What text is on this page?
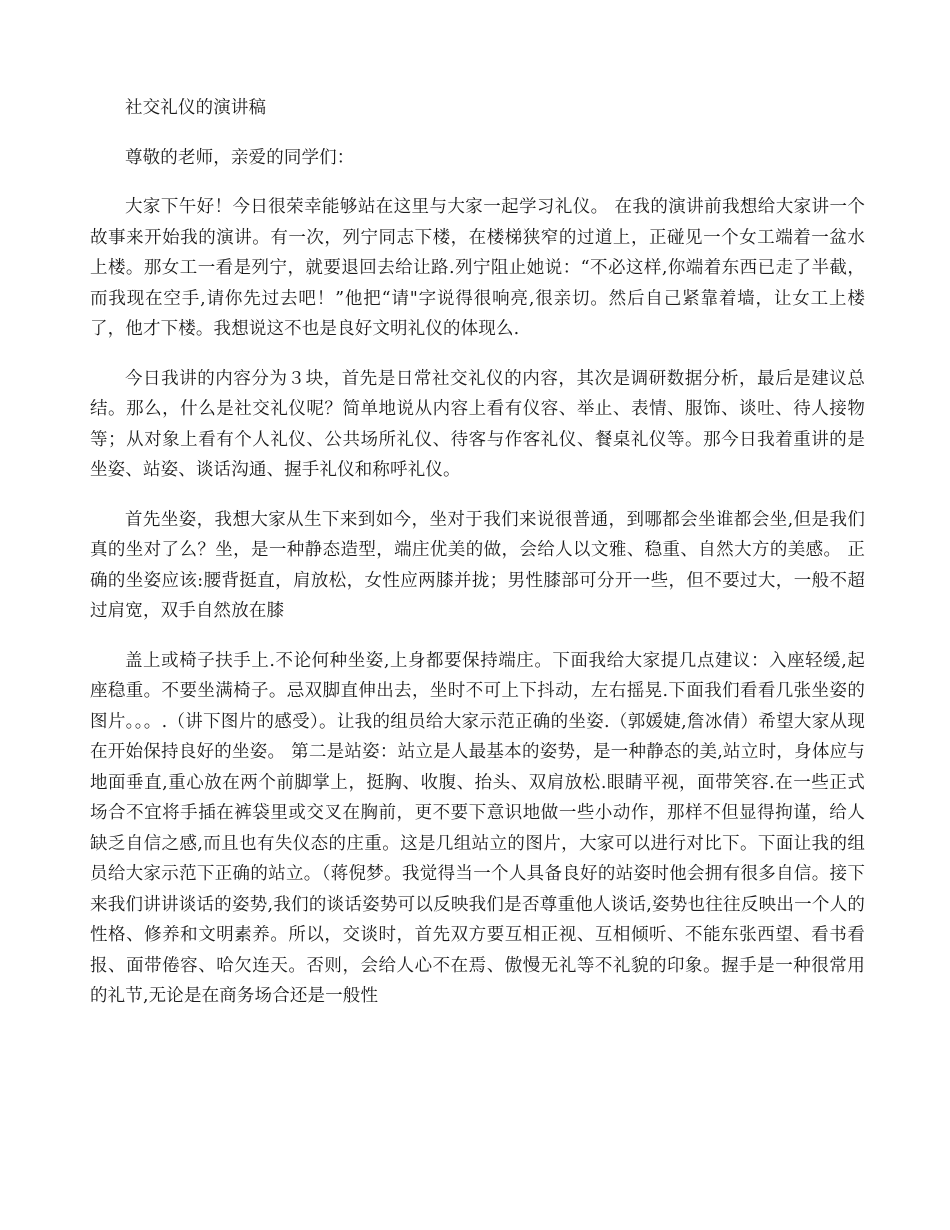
社交礼仪的演讲稿

尊敬的老师，亲爱的同学们：

大家下午好！今日很荣幸能够站在这里与大家一起学习礼仪。 在我的演讲前我想给大家讲一个故事来开始我的演讲。有一次，列宁同志下楼，在楼梯狭窄的过道上，正碰见一个女工端着一盆水上楼。那女工一看是列宁，就要退回去给让路.列宁阻止她说：“不必这样,你端着东西已走了半截，而我现在空手,请你先过去吧！”他把“请"字说得很响亮,很亲切。然后自己紧靠着墙，让女工上楼了，他才下楼。我想说这不也是良好文明礼仪的体现么.

今日我讲的内容分为３块，首先是日常社交礼仪的内容，其次是调研数据分析，最后是建议总结。那么，什么是社交礼仪呢？简单地说从内容上看有仪容、举止、表情、服饰、谈吐、待人接物等；从对象上看有个人礼仪、公共场所礼仪、待客与作客礼仪、餐桌礼仪等。那今日我着重讲的是坐姿、站姿、谈话沟通、握手礼仪和称呼礼仪。

首先坐姿，我想大家从生下来到如今，坐对于我们来说很普通，到哪都会坐谁都会坐,但是我们真的坐对了么？坐，是一种静态造型，端庄优美的做，会给人以文雅、稳重、自然大方的美感。 正确的坐姿应该:腰背挺直，肩放松，女性应两膝并拢；男性膝部可分开一些，但不要过大，一般不超过肩宽，双手自然放在膝

盖上或椅子扶手上.不论何种坐姿,上身都要保持端庄。下面我给大家提几点建议：入座轻缓,起座稳重。不要坐满椅子。忌双脚直伸出去，坐时不可上下抖动，左右摇晃.下面我们看看几张坐姿的图片。。。.（讲下图片的感受）。让我的组员给大家示范正确的坐姿.（郭媛婕,詹冰倩）希望大家从现在开始保持良好的坐姿。 第二是站姿：站立是人最基本的姿势，是一种静态的美,站立时，身体应与地面垂直,重心放在两个前脚掌上，挺胸、收腹、抬头、双肩放松.眼睛平视，面带笑容.在一些正式场合不宜将手插在裤袋里或交叉在胸前，更不要下意识地做一些小动作，那样不但显得拘谨，给人缺乏自信之感,而且也有失仪态的庄重。这是几组站立的图片，大家可以进行对比下。下面让我的组员给大家示范下正确的站立。（蒋倪梦。我觉得当一个人具备良好的站姿时他会拥有很多自信。接下来我们讲讲谈话的姿势,我们的谈话姿势可以反映我们是否尊重他人谈话,姿势也往往反映出一个人的性格、修养和文明素养。所以，交谈时，首先双方要互相正视、互相倾听、不能东张西望、看书看报、面带倦容、哈欠连天。否则，会给人心不在焉、傲慢无礼等不礼貌的印象。握手是一种很常用的礼节,无论是在商务场合还是一般性
